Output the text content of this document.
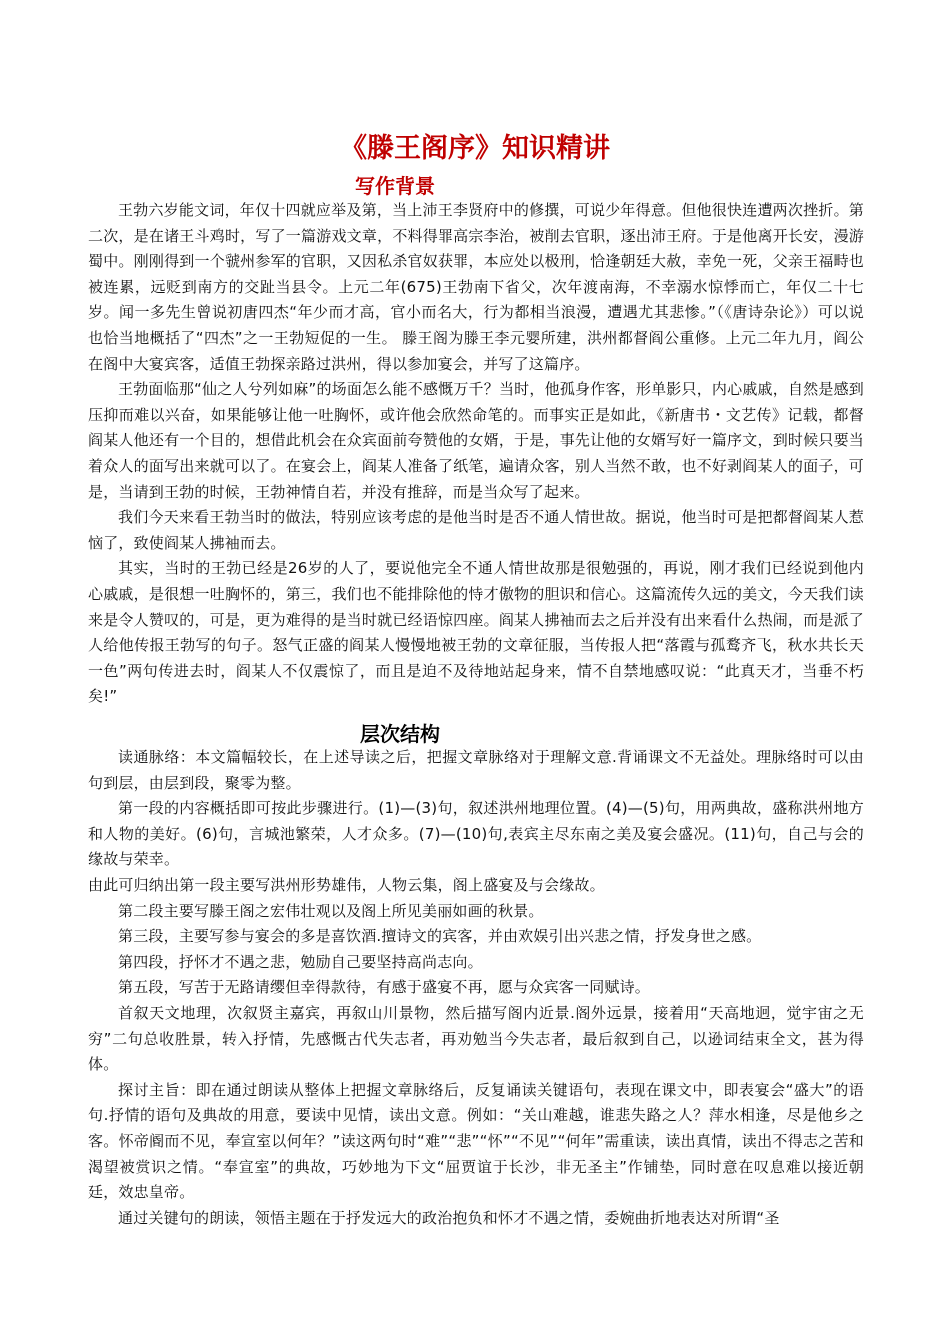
《滕王阁序》知识精讲
写作背景

王勃六岁能文词，年仅十四就应举及第，当上沛王李贤府中的修撰，可说少年得意。但他很快连遭两次挫折。第二次，是在诸王斗鸡时，写了一篇游戏文章，不料得罪高宗李治，被削去官职，逐出沛王府。于是他离开长安，漫游蜀中。刚刚得到一个虢州参军的官职，又因私杀官奴获罪，本应处以极刑，恰逢朝廷大赦，幸免一死，父亲王福畤也被连累，远贬到南方的交趾当县令。上元二年(675)王勃南下省父，次年渡南海，不幸溺水惊悸而亡，年仅二十七岁。闻一多先生曾说初唐四杰“年少而才高，官小而名大，行为都相当浪漫，遭遇尤其悲惨。”（《唐诗杂论》）可以说也恰当地概括了“四杰”之一王勃短促的一生。 滕王阁为滕王李元婴所建，洪州都督阎公重修。上元二年九月，阎公在阁中大宴宾客，适值王勃探亲路过洪州，得以参加宴会，并写了这篇序。

王勃面临那“仙之人兮列如麻”的场面怎么能不感慨万千？当时，他孤身作客，形单影只，内心戚戚，自然是感到压抑而难以兴奋，如果能够让他一吐胸怀，或许他会欣然命笔的。而事实正是如此，《新唐书・文艺传》记载，都督阎某人他还有一个目的，想借此机会在众宾面前夸赞他的女婿，于是，事先让他的女婿写好一篇序文，到时候只要当着众人的面写出来就可以了。在宴会上，阎某人准备了纸笔，遍请众客，别人当然不敢，也不好剥阎某人的面子，可是，当请到王勃的时候，王勃神情自若，并没有推辞，而是当众写了起来。

我们今天来看王勃当时的做法，特别应该考虑的是他当时是否不通人情世故。据说，他当时可是把都督阎某人惹恼了，致使阎某人拂袖而去。

其实，当时的王勃已经是26岁的人了，要说他完全不通人情世故那是很勉强的，再说，刚才我们已经说到他内心戚戚，是很想一吐胸怀的，第三，我们也不能排除他的恃才傲物的胆识和信心。这篇流传久远的美文，今天我们读来是令人赞叹的，可是，更为难得的是当时就已经语惊四座。阎某人拂袖而去之后并没有出来看什么热闹，而是派了人给他传报王勃写的句子。怒气正盛的阎某人慢慢地被王勃的文章征服，当传报人把“落霞与孤鹜齐飞，秋水共长天一色”两句传进去时，阎某人不仅震惊了，而且是迫不及待地站起身来，情不自禁地感叹说：“此真天才，当垂不朽矣!”

层次结构

读通脉络：本文篇幅较长，在上述导读之后，把握文章脉络对于理解文意.背诵课文不无益处。理脉络时可以由句到层，由层到段，聚零为整。

第一段的内容概括即可按此步骤进行。(1)—(3)句，叙述洪州地理位置。(4)—(5)句，用两典故，盛称洪州地方和人物的美好。(6)句，言城池繁荣，人才众多。(7)—(10)句,表宾主尽东南之美及宴会盛况。(11)句，自己与会的缘故与荣幸。

由此可归纳出第一段主要写洪州形势雄伟，人物云集，阁上盛宴及与会缘故。

第二段主要写滕王阁之宏伟壮观以及阁上所见美丽如画的秋景。

第三段，主要写参与宴会的多是喜饮酒.擅诗文的宾客，并由欢娱引出兴悲之情，抒发身世之感。

第四段，抒怀才不遇之悲，勉励自己要坚持高尚志向。

第五段，写苦于无路请缨但幸得款待，有感于盛宴不再，愿与众宾客一同赋诗。

首叙天文地理，次叙贤主嘉宾，再叙山川景物，然后描写阁内近景.阁外远景，接着用“天高地迥，觉宇宙之无穷”二句总收胜景，转入抒情，先感慨古代失志者，再劝勉当今失志者，最后叙到自己，以逊词结束全文，甚为得体。

探讨主旨：即在通过朗读从整体上把握文章脉络后，反复诵读关键语句，表现在课文中，即表宴会“盛大”的语句.抒情的语句及典故的用意，要读中见情，读出文意。例如：“关山难越，谁悲失路之人？萍水相逢，尽是他乡之客。怀帝阍而不见，奉宣室以何年？”读这两句时“难”“悲”“怀”“不见”“何年”需重读，读出真情，读出不得志之苦和渴望被赏识之情。“奉宣室”的典故，巧妙地为下文“屈贾谊于长沙，非无圣主”作铺垫，同时意在叹息难以接近朝廷，效忠皇帝。

通过关键句的朗读，领悟主题在于抒发远大的政治抱负和怀才不遇之情，委婉曲折地表达对所谓“圣
